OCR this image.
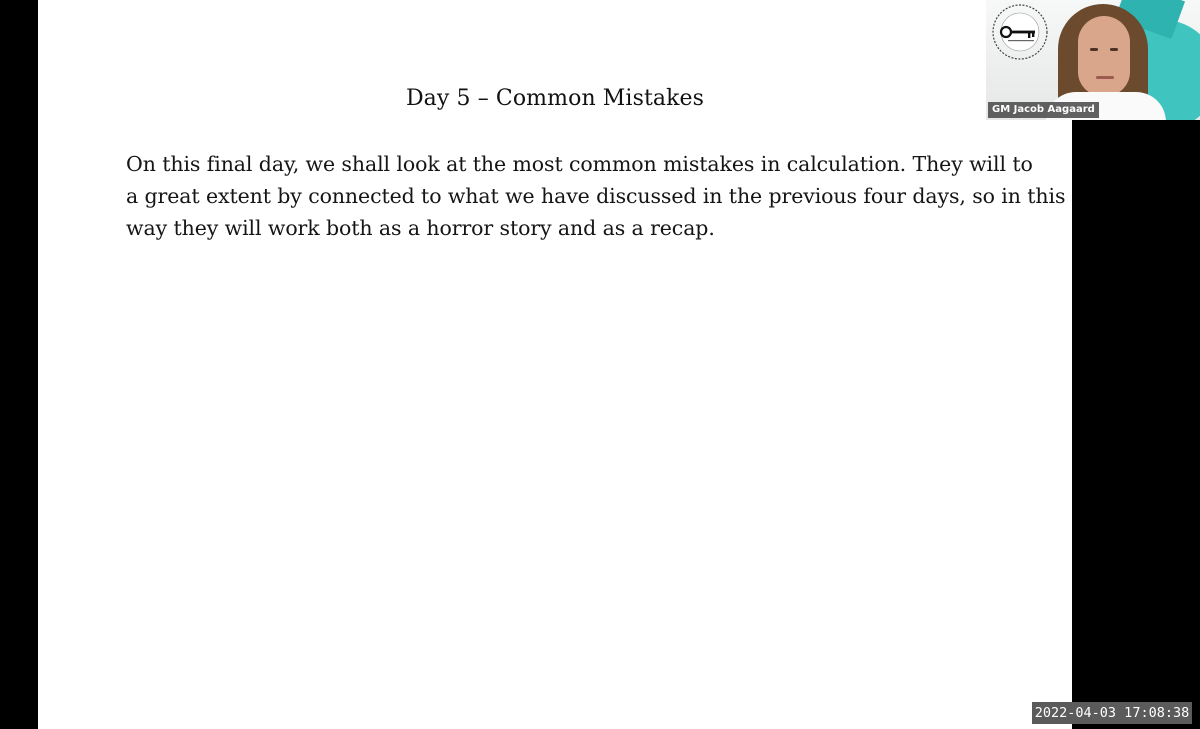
Day 5 – Common Mistakes
On this final day, we shall look at the most common mistakes in calculation. They will to
a great extent by connected to what we have discussed in the previous four days, so in this
way they will work both as a horror story and as a recap.
GM Jacob Aagaard
2022-04-03 17:08:38
